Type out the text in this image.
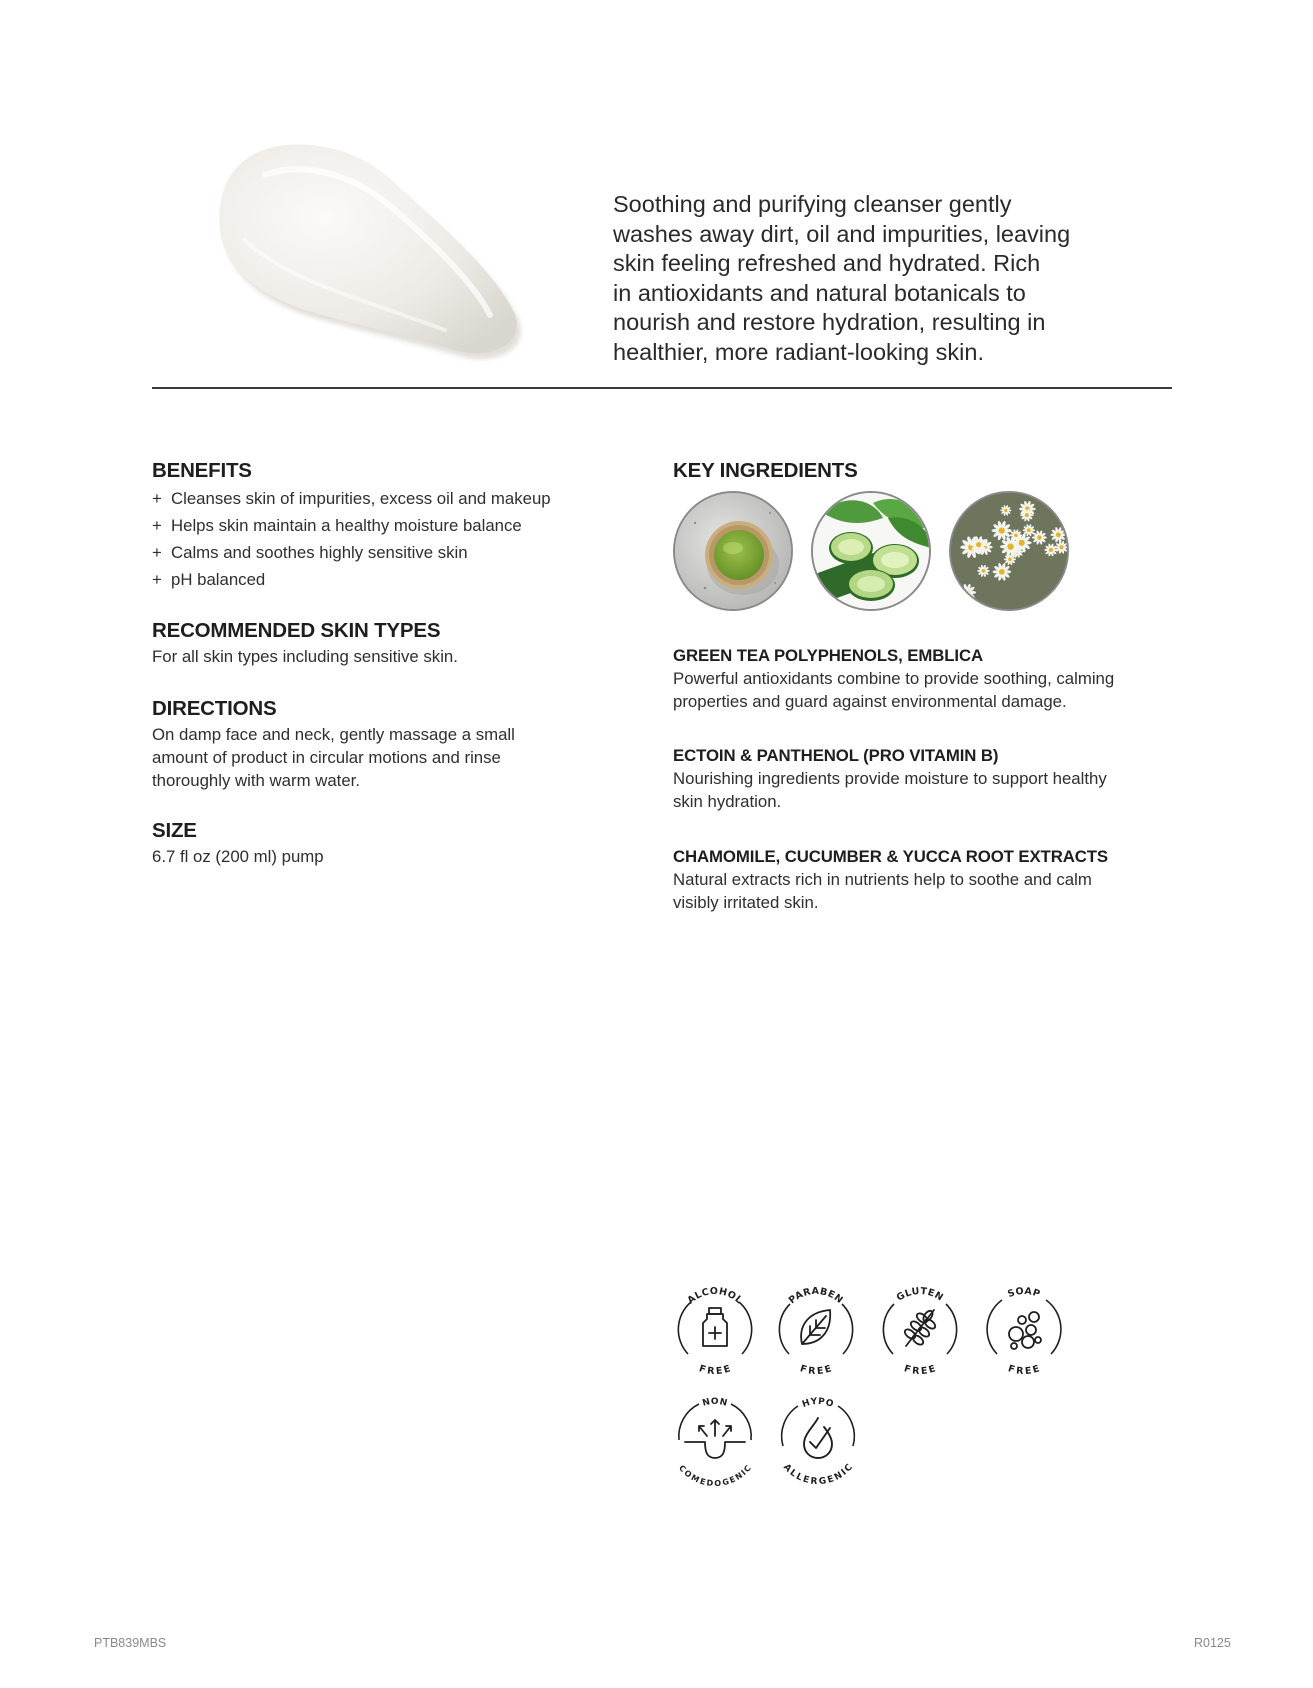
Soothing and purifying cleanser gently
washes away dirt, oil and impurities, leaving
skin feeling refreshed and hydrated. Rich
in antioxidants and natural botanicals to
nourish and restore hydration, resulting in
healthier, more radiant-looking skin.
BENEFITS
+ Cleanses skin of impurities, excess oil and makeup
+ Helps skin maintain a healthy moisture balance
+ Calms and soothes highly sensitive skin
+ pH balanced
RECOMMENDED SKIN TYPES
For all skin types including sensitive skin.
DIRECTIONS
On damp face and neck, gently massage a small
amount of product in circular motions and rinse
thoroughly with warm water.
SIZE
6.7 fl oz (200 ml) pump
KEY INGREDIENTS
GREEN TEA POLYPHENOLS, EMBLICA
Powerful antioxidants combine to provide soothing, calming
properties and guard against environmental damage.
ECTOIN & PANTHENOL (PRO VITAMIN B)
Nourishing ingredients provide moisture to support healthy
skin hydration.
CHAMOMILE, CUCUMBER & YUCCA ROOT EXTRACTS
Natural extracts rich in nutrients help to soothe and calm
visibly irritated skin.
ALCOHOL
FREE
PARABEN
FREE
GLUTEN
FREE
SOAP
FREE
NON
COMEDOGENIC
HYPO
ALLERGENIC
PTB839MBS	R0125
